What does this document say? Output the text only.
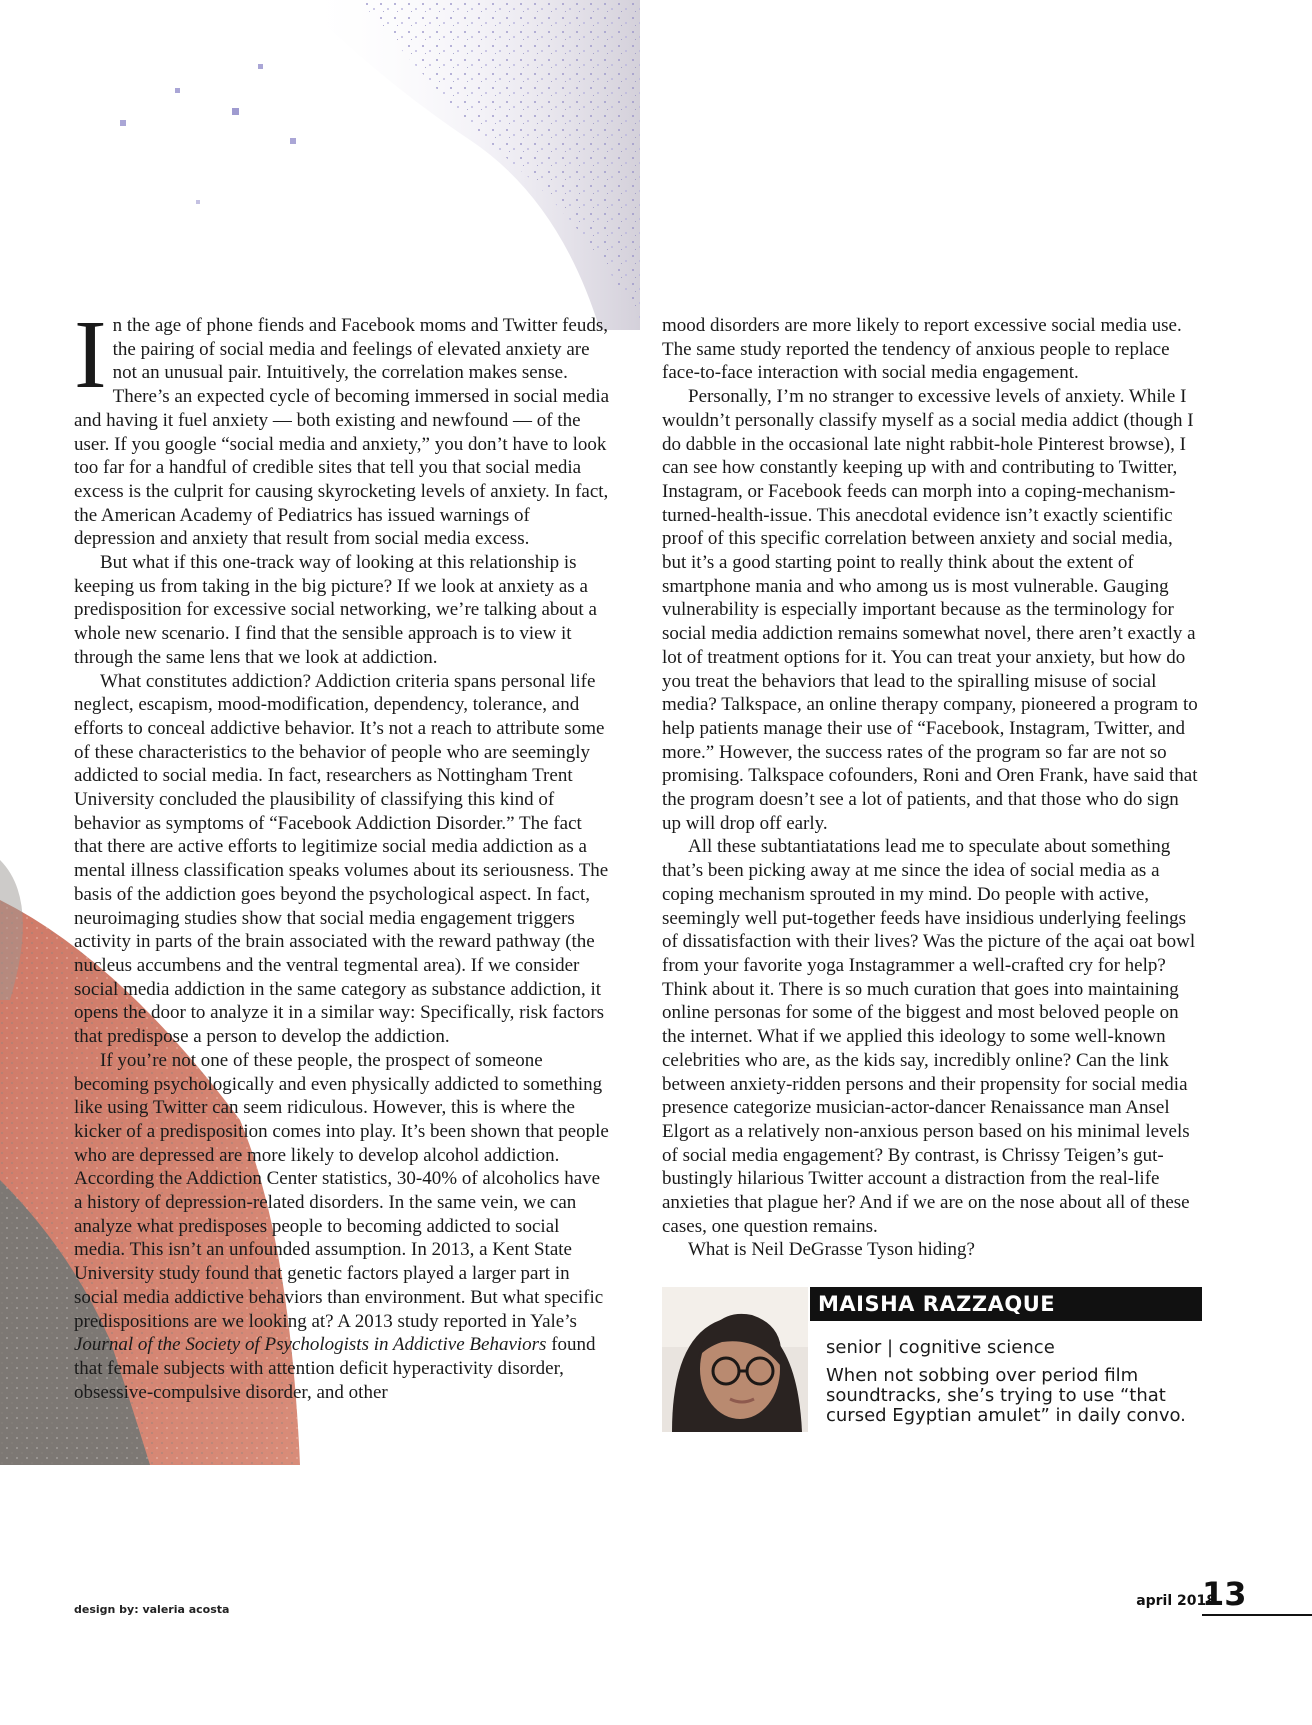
In the age of phone fiends and Facebook moms and Twitter feuds, the pairing of social media and feelings of elevated anxiety are not an unusual pair. Intuitively, the correlation makes sense. There’s an expected cycle of becoming immersed in social media and having it fuel anxiety — both existing and newfound — of the user. If you google “social media and anxiety,” you don’t have to look too far for a handful of credible sites that tell you that social media excess is the culprit for causing skyrocketing levels of anxiety. In fact, the American Academy of Pediatrics has issued warnings of depression and anxiety that result from social media excess.

But what if this one-track way of looking at this relationship is keeping us from taking in the big picture? If we look at anxiety as a predisposition for excessive social networking, we’re talking about a whole new scenario. I find that the sensible approach is to view it through the same lens that we look at addiction.

What constitutes addiction? Addiction criteria spans personal life neglect, escapism, mood-modification, dependency, tolerance, and efforts to conceal addictive behavior. It’s not a reach to attribute some of these characteristics to the behavior of people who are seemingly addicted to social media. In fact, researchers as Nottingham Trent University concluded the plausibility of classifying this kind of behavior as symptoms of “Facebook Addiction Disorder.” The fact that there are active efforts to legitimize social media addiction as a mental illness classification speaks volumes about its seriousness. The basis of the addiction goes beyond the psychological aspect. In fact, neuroimaging studies show that social media engagement triggers activity in parts of the brain associated with the reward pathway (the nucleus accumbens and the ventral tegmental area). If we consider social media addiction in the same category as substance addiction, it opens the door to analyze it in a similar way: Specifically, risk factors that predispose a person to develop the addiction.

If you’re not one of these people, the prospect of someone becoming psychologically and even physically addicted to something like using Twitter can seem ridiculous. However, this is where the kicker of a predisposition comes into play. It’s been shown that people who are depressed are more likely to develop alcohol addiction. According the Addiction Center statistics, 30-40% of alcoholics have a history of depression-related disorders. In the same vein, we can analyze what predisposes people to becoming addicted to social media. This isn’t an unfounded assumption. In 2013, a Kent State University study found that genetic factors played a larger part in social media addictive behaviors than environment. But what specific predispositions are we looking at? A 2013 study reported in Yale’s Journal of the Society of Psychologists in Addictive Behaviors found that female subjects with attention deficit hyperactivity disorder, obsessive-compulsive disorder, and other

mood disorders are more likely to report excessive social media use. The same study reported the tendency of anxious people to replace face-to-face interaction with social media engagement.

Personally, I’m no stranger to excessive levels of anxiety. While I wouldn’t personally classify myself as a social media addict (though I do dabble in the occasional late night rabbit-hole Pinterest browse), I can see how constantly keeping up with and contributing to Twitter, Instagram, or Facebook feeds can morph into a coping-mechanism-turned-health-issue. This anecdotal evidence isn’t exactly scientific proof of this specific correlation between anxiety and social media, but it’s a good starting point to really think about the extent of smartphone mania and who among us is most vulnerable. Gauging vulnerability is especially important because as the terminology for social media addiction remains somewhat novel, there aren’t exactly a lot of treatment options for it. You can treat your anxiety, but how do you treat the behaviors that lead to the spiralling misuse of social media? Talkspace, an online therapy company, pioneered a program to help patients manage their use of “Facebook, Instagram, Twitter, and more.” However, the success rates of the program so far are not so promising. Talkspace cofounders, Roni and Oren Frank, have said that the program doesn’t see a lot of patients, and that those who do sign up will drop off early.

All these subtantiatations lead me to speculate about something that’s been picking away at me since the idea of social media as a coping mechanism sprouted in my mind. Do people with active, seemingly well put-together feeds have insidious underlying feelings of dissatisfaction with their lives? Was the picture of the açai oat bowl from your favorite yoga Instagrammer a well-crafted cry for help? Think about it. There is so much curation that goes into maintaining online personas for some of the biggest and most beloved people on the internet. What if we applied this ideology to some well-known celebrities who are, as the kids say, incredibly online? Can the link between anxiety-ridden persons and their propensity for social media presence categorize musician-actor-dancer Renaissance man Ansel Elgort as a relatively non-anxious person based on his minimal levels of social media engagement? By contrast, is Chrissy Teigen’s gut-bustingly hilarious Twitter account a distraction from the real-life anxieties that plague her? And if we are on the nose about all of these cases, one question remains.

What is Neil DeGrasse Tyson hiding?

MAISHA RAZZAQUE
senior | cognitive science
When not sobbing over period film soundtracks, she’s trying to use “that cursed Egyptian amulet” in daily convo.
design by: valeria acosta
april 2018
13
